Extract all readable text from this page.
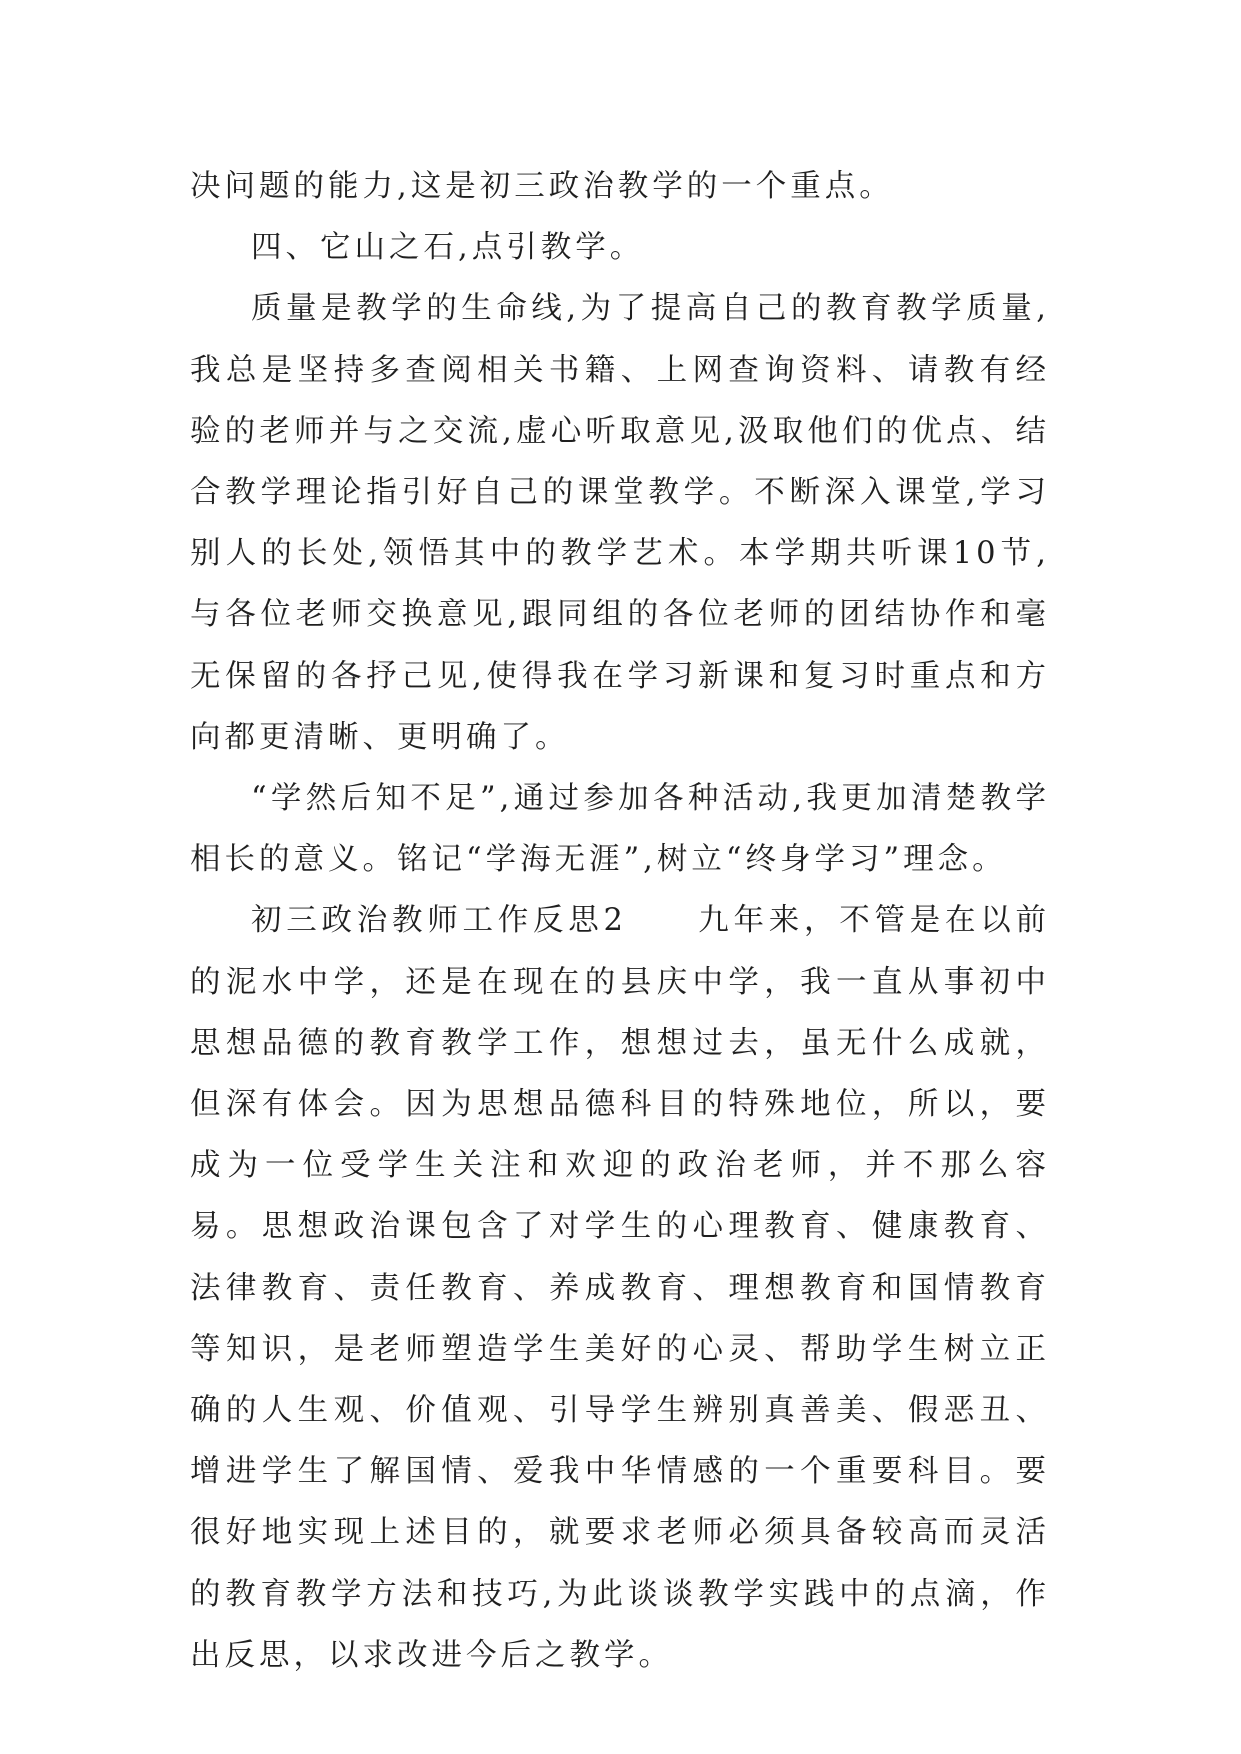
决问题的能力,这是初三政治教学的一个重点。

四、它山之石,点引教学。

质量是教学的生命线,为了提高自己的教育教学质量,我总是坚持多查阅相关书籍、上网查询资料、请教有经验的老师并与之交流,虚心听取意见,汲取他们的优点、结合教学理论指引好自己的课堂教学。不断深入课堂,学习别人的长处,领悟其中的教学艺术。本学期共听课10节,与各位老师交换意见,跟同组的各位老师的团结协作和毫无保留的各抒己见,使得我在学习新课和复习时重点和方向都更清晰、更明确了。

“学然后知不足”,通过参加各种活动,我更加清楚教学相长的意义。铭记“学海无涯”,树立“终身学习”理念。

初三政治教师工作反思2　　九年来，不管是在以前的泥水中学，还是在现在的县庆中学，我一直从事初中思想品德的教育教学工作，想想过去，虽无什么成就，但深有体会。因为思想品德科目的特殊地位，所以，要成为一位受学生关注和欢迎的政治老师，并不那么容易。思想政治课包含了对学生的心理教育、健康教育、法律教育、责任教育、养成教育、理想教育和国情教育等知识，是老师塑造学生美好的心灵、帮助学生树立正确的人生观、价值观、引导学生辨别真善美、假恶丑、增进学生了解国情、爱我中华情感的一个重要科目。要很好地实现上述目的，就要求老师必须具备较高而灵活的教育教学方法和技巧,为此谈谈教学实践中的点滴，作出反思，以求改进今后之教学。
